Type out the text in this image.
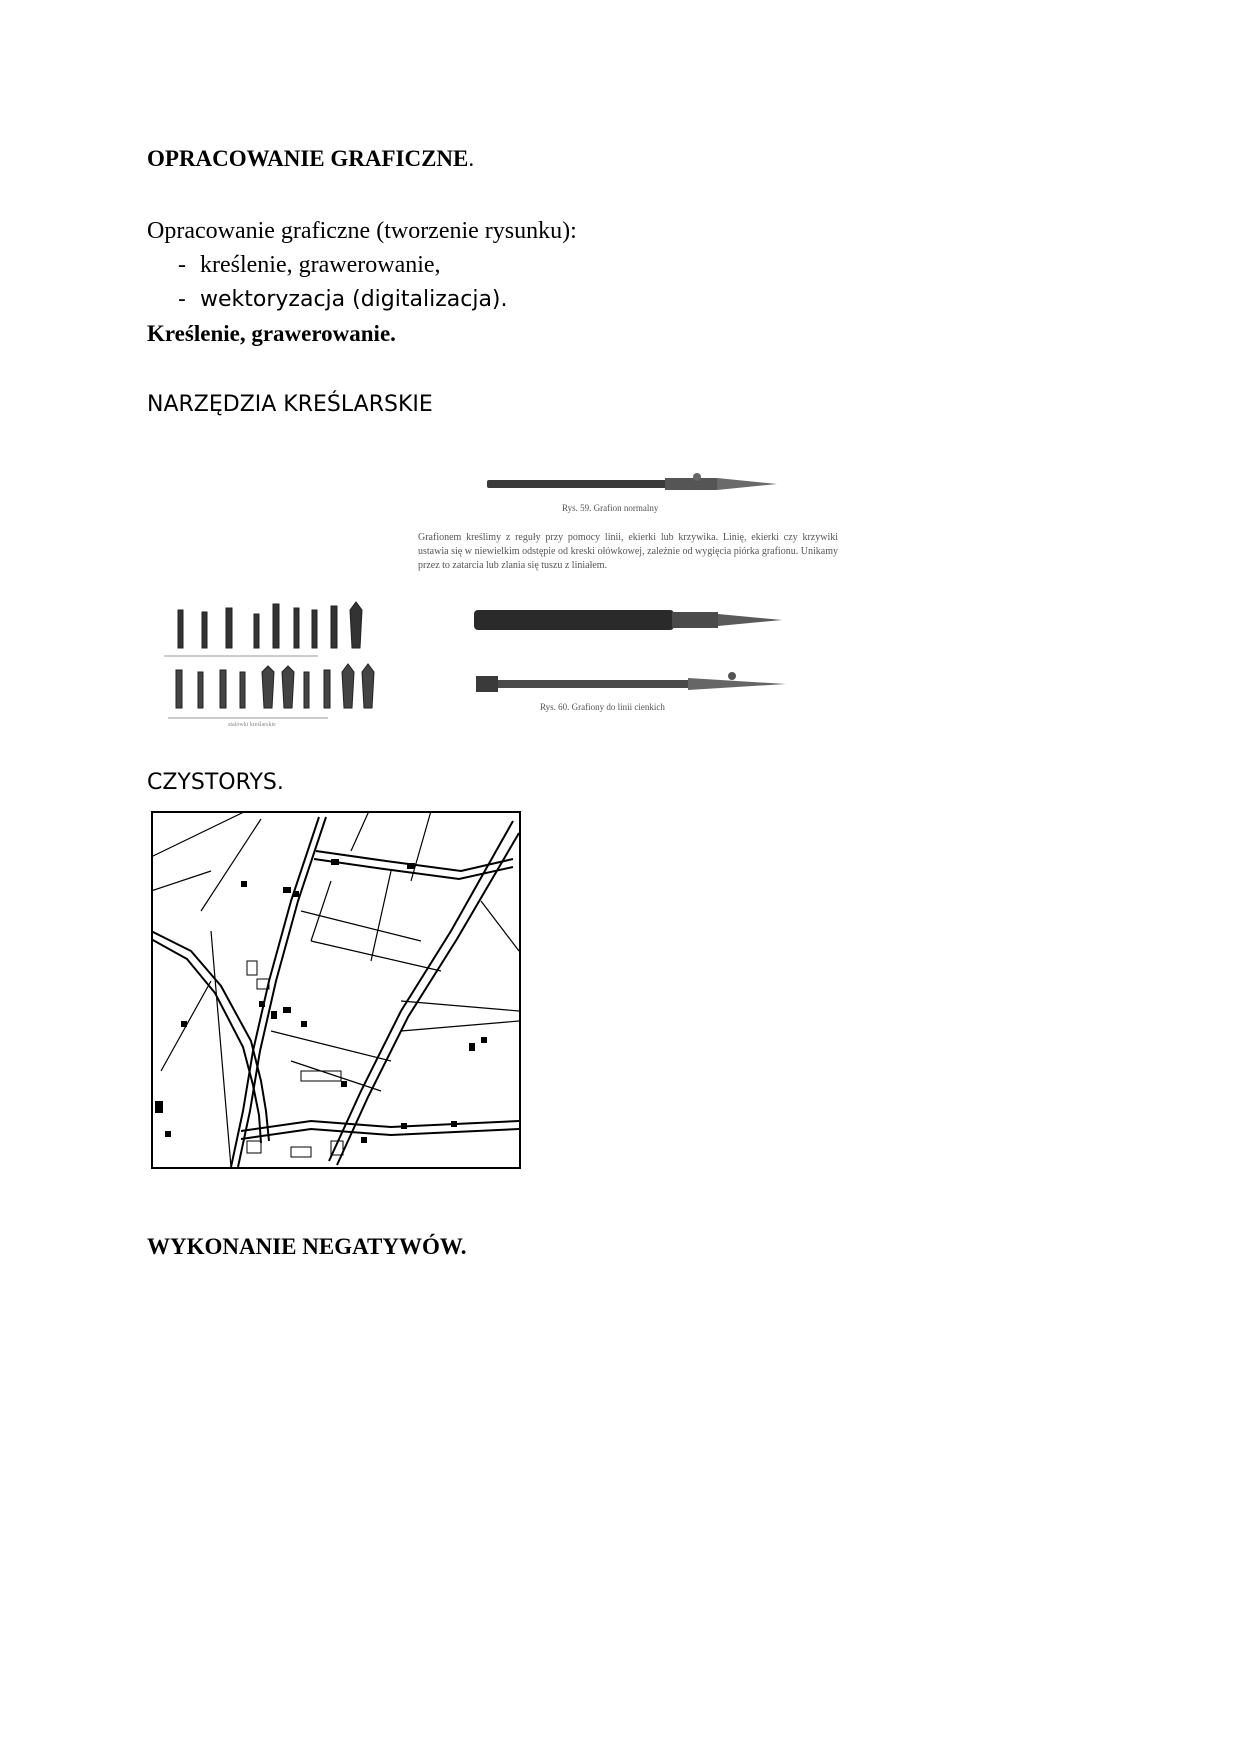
OPRACOWANIE GRAFICZNE.
Opracowanie graficzne (tworzenie rysunku):
- kreślenie, grawerowanie,
- wektoryzacja (digitalizacja).
Kreślenie, grawerowanie.
NARZĘDZIA KREŚLARSKIE
stalówki kreślarskie
Rys. 59. Grafion normalny
Grafionem kreślimy z reguły przy pomocy linii, ekierki lub krzywika. Linię, ekierki czy krzywiki ustawia się w niewielkim odstępie od kreski ołówkowej, zależnie od wygięcia piórka grafionu. Unikamy przez to zatarcia lub zlania się tuszu z liniałem.
Rys. 60. Grafiony do linii cienkich
CZYSTORYS.
WYKONANIE NEGATYWÓW.
